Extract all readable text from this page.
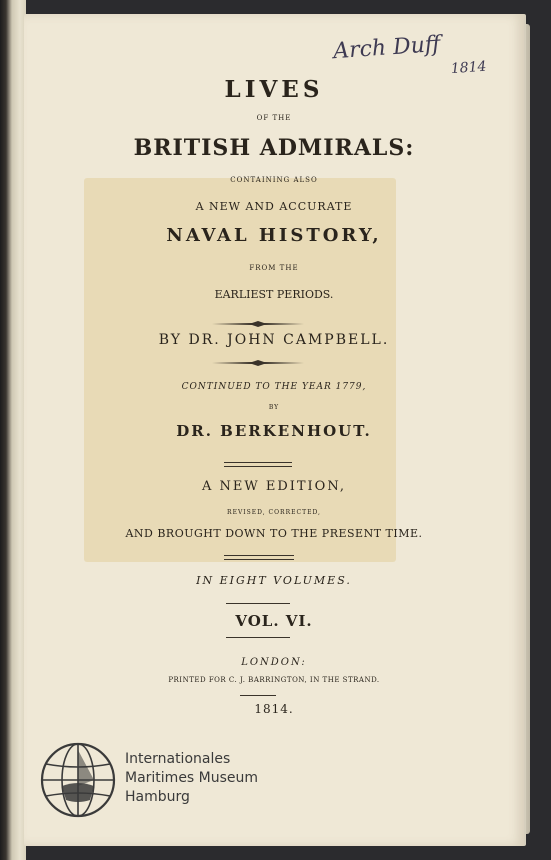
Arch Duff
1814
LIVES
OF THE
BRITISH ADMIRALS:
CONTAINING ALSO
A NEW AND ACCURATE
NAVAL HISTORY,
FROM THE
EARLIEST PERIODS.
BY DR. JOHN CAMPBELL.
CONTINUED TO THE YEAR 1779,
BY
DR. BERKENHOUT.
A NEW EDITION,
REVISED, CORRECTED,
AND BROUGHT DOWN TO THE PRESENT TIME.
IN EIGHT VOLUMES.
VOL. VI.
LONDON:
PRINTED FOR C. J. BARRINGTON, IN THE STRAND.
1814.
Internationales
Maritimes Museum
Hamburg
